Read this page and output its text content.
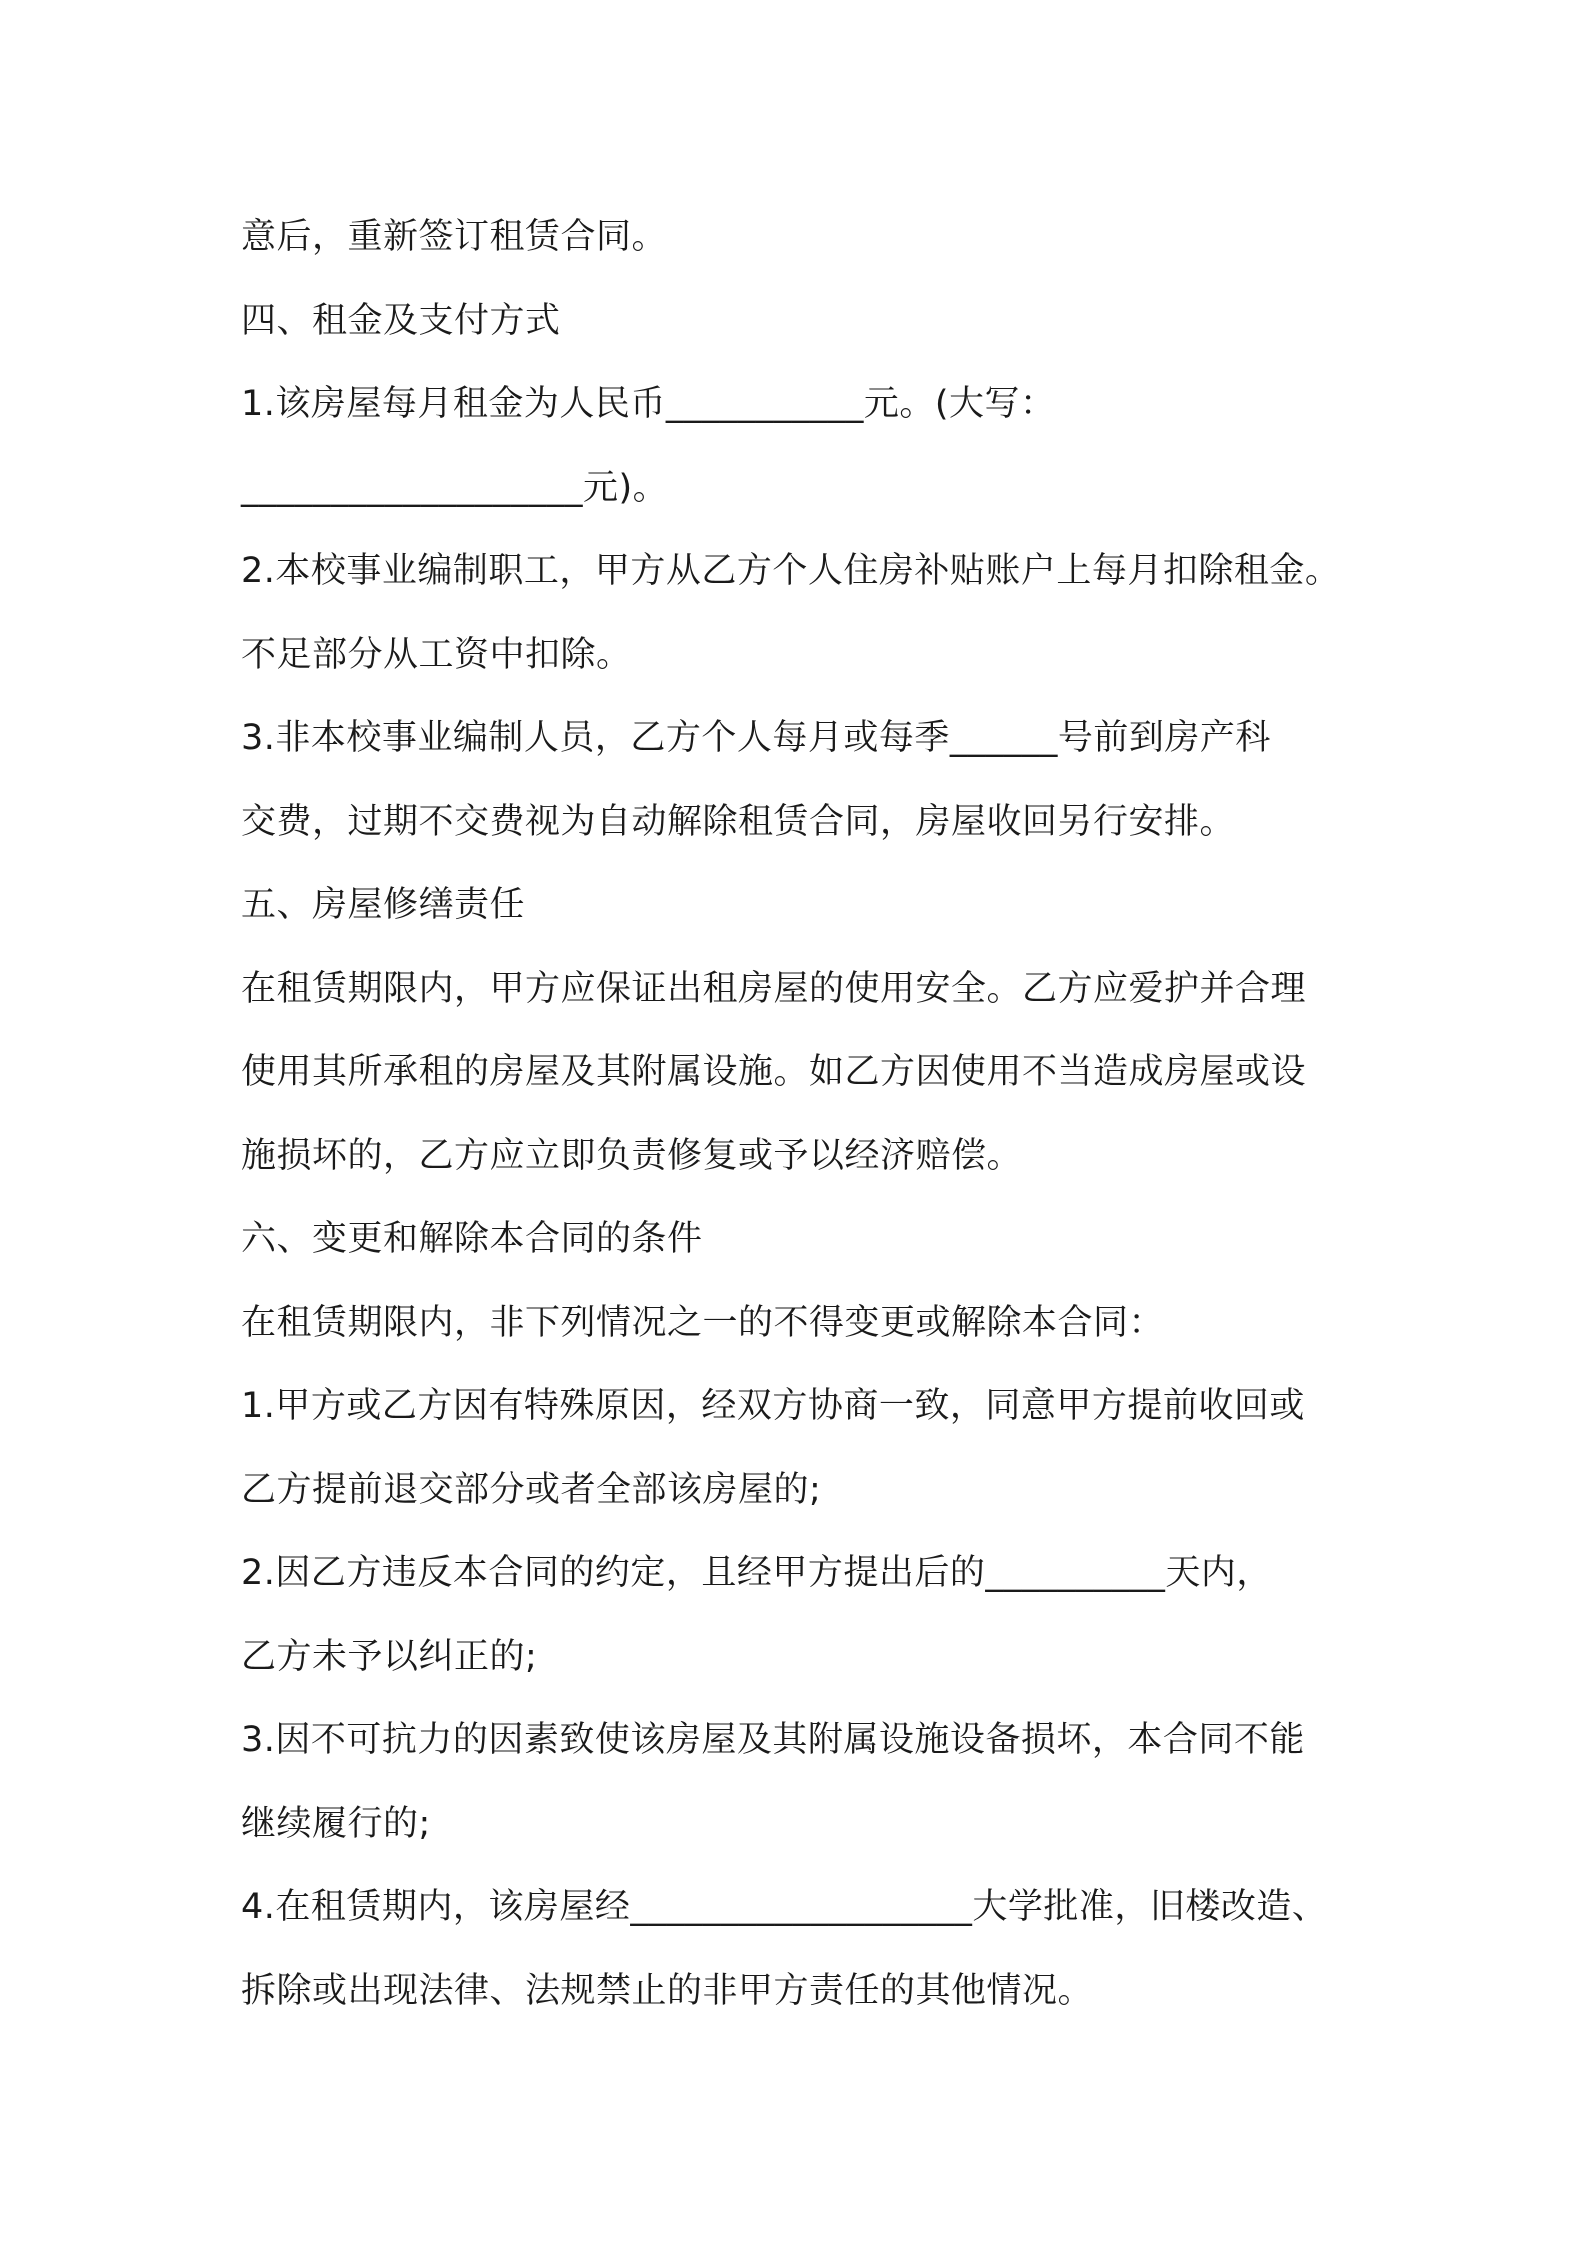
意后，重新签订租赁合同。
四、租金及支付方式
1.该房屋每月租金为人民币___________元。(大写：
___________________元)。
2.本校事业编制职工，甲方从乙方个人住房补贴账户上每月扣除租金。
不足部分从工资中扣除。
3.非本校事业编制人员，乙方个人每月或每季______号前到房产科
交费，过期不交费视为自动解除租赁合同，房屋收回另行安排。
五、房屋修缮责任
在租赁期限内，甲方应保证出租房屋的使用安全。乙方应爱护并合理
使用其所承租的房屋及其附属设施。如乙方因使用不当造成房屋或设
施损坏的，乙方应立即负责修复或予以经济赔偿。
六、变更和解除本合同的条件
在租赁期限内，非下列情况之一的不得变更或解除本合同：
1.甲方或乙方因有特殊原因，经双方协商一致，同意甲方提前收回或
乙方提前退交部分或者全部该房屋的;
2.因乙方违反本合同的约定，且经甲方提出后的__________天内，
乙方未予以纠正的;
3.因不可抗力的因素致使该房屋及其附属设施设备损坏，本合同不能
继续履行的;
4.在租赁期内，该房屋经___________________大学批准，旧楼改造、
拆除或出现法律、法规禁止的非甲方责任的其他情况。
